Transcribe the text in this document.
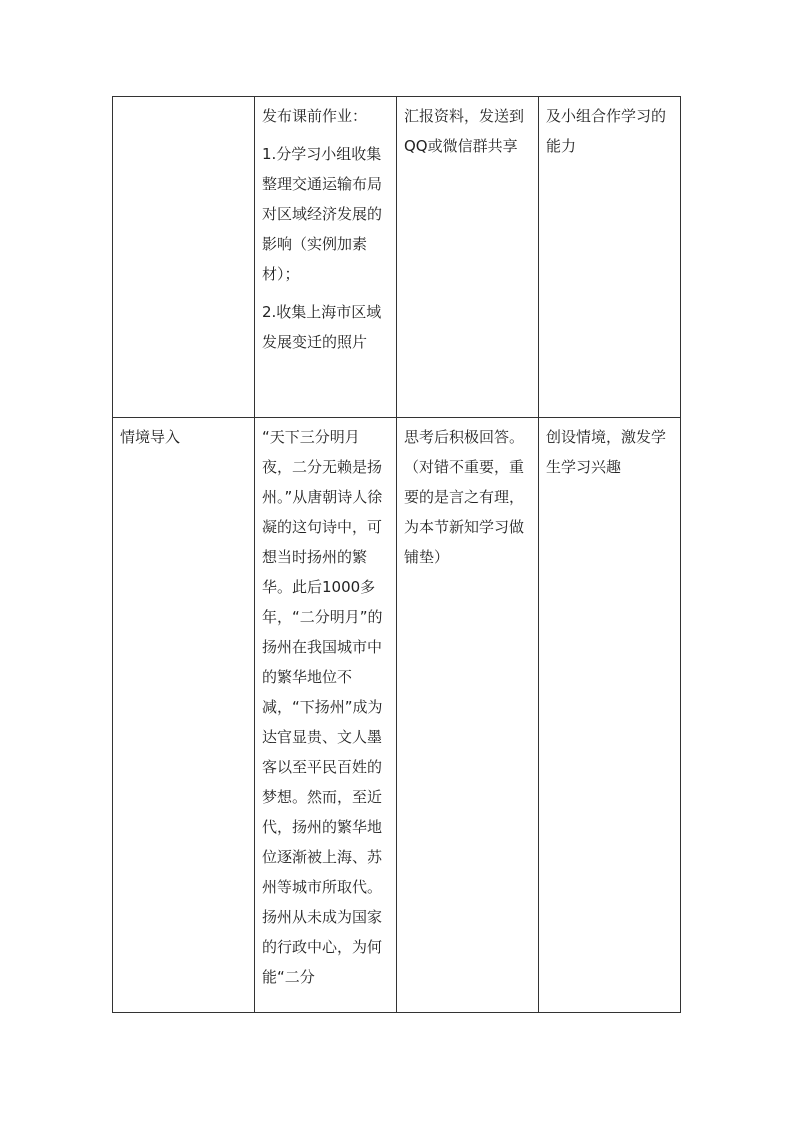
	发布课前作业：

1.分学习小组收集整理交通运输布局对区域经济发展的影响（实例加素材）；

2.收集上海市区域发展变迁的照片	汇报资料，发送到QQ或微信群共享	及小组合作学习的能力
情境导入	“天下三分明月夜，二分无赖是扬州。”从唐朝诗人徐凝的这句诗中，可想当时扬州的繁华。此后1000多年，“二分明月”的扬州在我国城市中的繁华地位不减，“下扬州”成为达官显贵、文人墨客以至平民百姓的梦想。然而，至近代，扬州的繁华地位逐渐被上海、苏州等城市所取代。扬州从未成为国家的行政中心，为何能“二分	思考后积极回答。（对错不重要，重要的是言之有理，为本节新知学习做铺垫）	创设情境，激发学生学习兴趣
